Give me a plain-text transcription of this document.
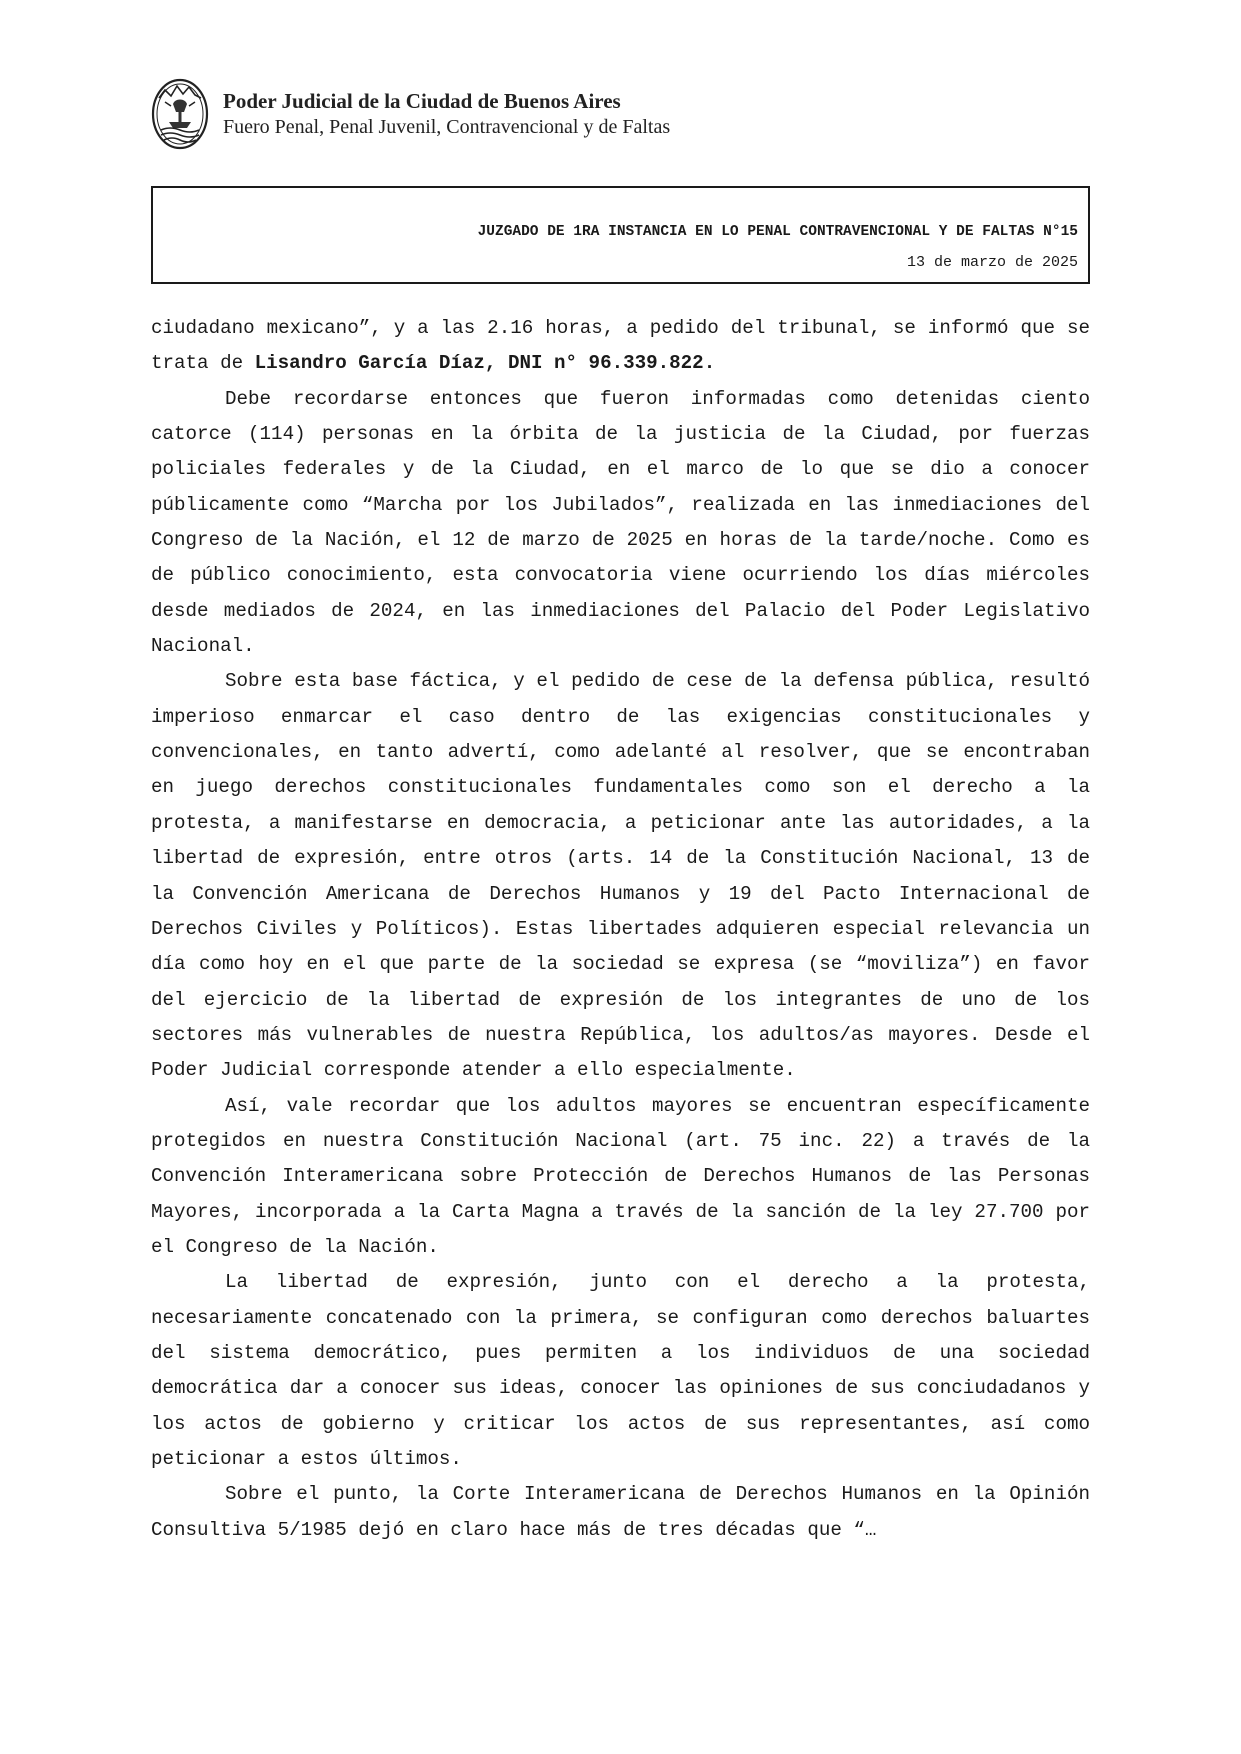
Poder Judicial de la Ciudad de Buenos Aires
Fuero Penal, Penal Juvenil, Contravencional y de Faltas
JUZGADO DE 1RA INSTANCIA EN LO PENAL CONTRAVENCIONAL Y DE FALTAS N°15
13 de marzo de 2025

ciudadano mexicano”, y a las 2.16 horas, a pedido del tribunal, se informó que se trata de Lisandro García Díaz, DNI n° 96.339.822.

Debe recordarse entonces que fueron informadas como detenidas ciento catorce (114) personas en la órbita de la justicia de la Ciudad, por fuerzas policiales federales y de la Ciudad, en el marco de lo que se dio a conocer públicamente como “Marcha por los Jubilados”, realizada en las inmediaciones del Congreso de la Nación, el 12 de marzo de 2025 en horas de la tarde/noche. Como es de público conocimiento, esta convocatoria viene ocurriendo los días miércoles desde mediados de 2024, en las inmediaciones del Palacio del Poder Legislativo Nacional.

Sobre esta base fáctica, y el pedido de cese de la defensa pública, resultó imperioso enmarcar el caso dentro de las exigencias constitucionales y convencionales, en tanto advertí, como adelanté al resolver, que se encontraban en juego derechos constitucionales fundamentales como son el derecho a la protesta, a manifestarse en democracia, a peticionar ante las autoridades, a la libertad de expresión, entre otros (arts. 14 de la Constitución Nacional, 13 de la Convención Americana de Derechos Humanos y 19 del Pacto Internacional de Derechos Civiles y Políticos). Estas libertades adquieren especial relevancia un día como hoy en el que parte de la sociedad se expresa (se “moviliza”) en favor del ejercicio de la libertad de expresión de los integrantes de uno de los sectores más vulnerables de nuestra República, los adultos/as mayores. Desde el Poder Judicial corresponde atender a ello especialmente.

Así, vale recordar que los adultos mayores se encuentran específicamente protegidos en nuestra Constitución Nacional (art. 75 inc. 22) a través de la Convención Interamericana sobre Protección de Derechos Humanos de las Personas Mayores, incorporada a la Carta Magna a través de la sanción de la ley 27.700 por el Congreso de la Nación.

La libertad de expresión, junto con el derecho a la protesta, necesariamente concatenado con la primera, se configuran como derechos baluartes del sistema democrático, pues permiten a los individuos de una sociedad democrática dar a conocer sus ideas, conocer las opiniones de sus conciudadanos y los actos de gobierno y criticar los actos de sus representantes, así como peticionar a estos últimos.

Sobre el punto, la Corte Interamericana de Derechos Humanos en la Opinión Consultiva 5/1985 dejó en claro hace más de tres décadas que “…
